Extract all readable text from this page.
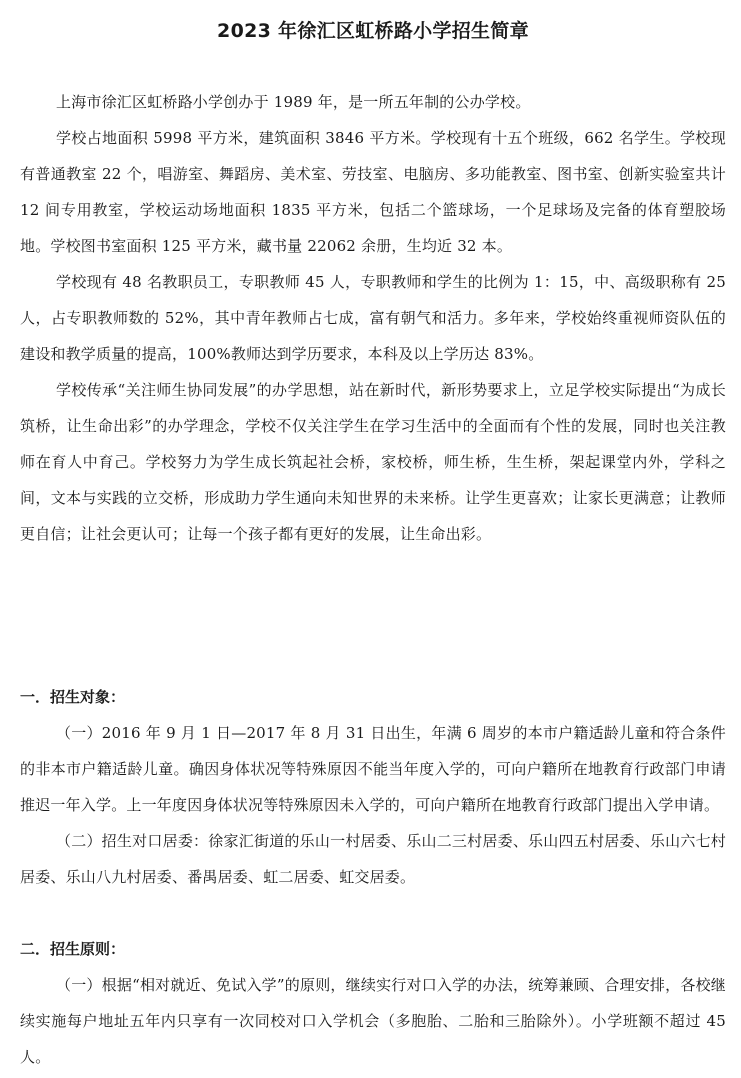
2023 年徐汇区虹桥路小学招生简章

上海市徐汇区虹桥路小学创办于 1989 年，是一所五年制的公办学校。

学校占地面积 5998 平方米，建筑面积 3846 平方米。学校现有十五个班级，662 名学生。学校现有普通教室 22 个，唱游室、舞蹈房、美术室、劳技室、电脑房、多功能教室、图书室、创新实验室共计 12 间专用教室，学校运动场地面积 1835 平方米，包括二个篮球场，一个足球场及完备的体育塑胶场地。学校图书室面积 125 平方米，藏书量 22062 余册，生均近 32 本。

学校现有 48 名教职员工，专职教师 45 人，专职教师和学生的比例为 1：15，中、高级职称有 25 人，占专职教师数的 52%，其中青年教师占七成，富有朝气和活力。多年来，学校始终重视师资队伍的建设和教学质量的提高，100%教师达到学历要求，本科及以上学历达 83%。

学校传承“关注师生协同发展”的办学思想，站在新时代，新形势要求上，立足学校实际提出“为成长筑桥，让生命出彩”的办学理念，学校不仅关注学生在学习生活中的全面而有个性的发展，同时也关注教师在育人中育己。学校努力为学生成长筑起社会桥，家校桥，师生桥，生生桥，架起课堂内外，学科之间，文本与实践的立交桥，形成助力学生通向未知世界的未来桥。让学生更喜欢；让家长更满意；让教师更自信；让社会更认可；让每一个孩子都有更好的发展，让生命出彩。

一．招生对象：

（一）2016 年 9 月 1 日—2017 年 8 月 31 日出生，年满 6 周岁的本市户籍适龄儿童和符合条件的非本市户籍适龄儿童。确因身体状况等特殊原因不能当年度入学的，可向户籍所在地教育行政部门申请推迟一年入学。上一年度因身体状况等特殊原因未入学的，可向户籍所在地教育行政部门提出入学申请。

（二）招生对口居委：徐家汇街道的乐山一村居委、乐山二三村居委、乐山四五村居委、乐山六七村居委、乐山八九村居委、番禺居委、虹二居委、虹交居委。

二．招生原则：

（一）根据“相对就近、免试入学”的原则，继续实行对口入学的办法，统筹兼顾、合理安排，各校继续实施每户地址五年内只享有一次同校对口入学机会（多胞胎、二胎和三胎除外）。小学班额不超过 45 人。
